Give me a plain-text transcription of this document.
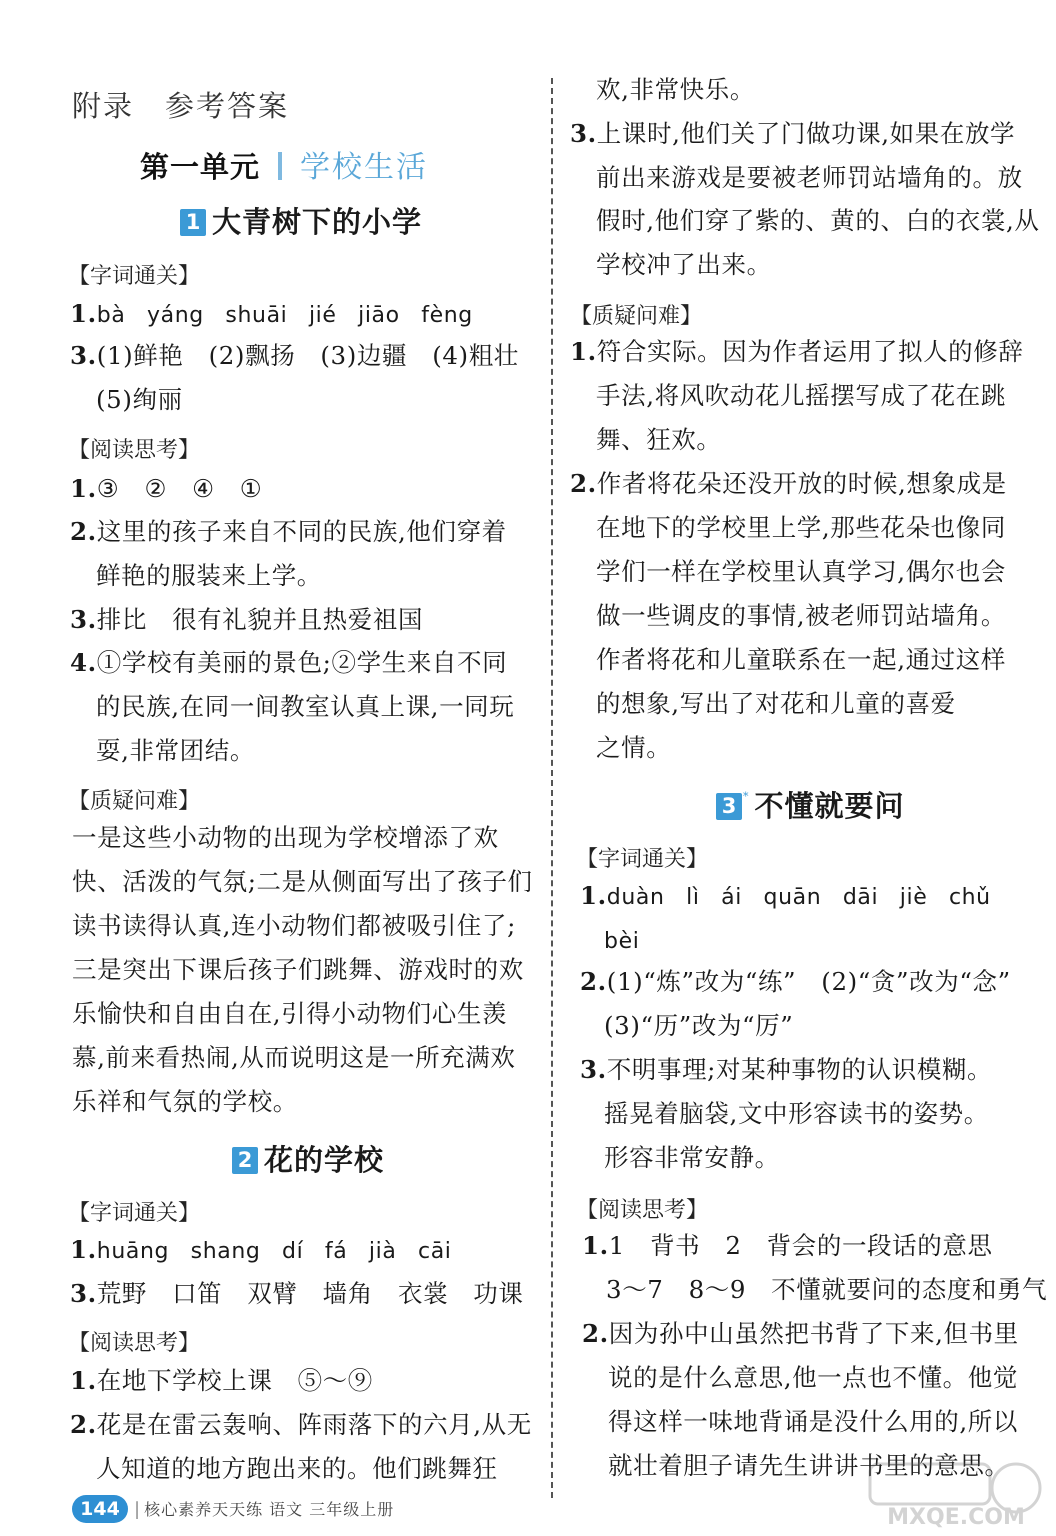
附录　参考答案
第一单元 学校生活
1 大青树下的小学
【字词通关】
1.bà yáng shuāi jié jiāo fèng
3.(1)鲜艳　(2)飘扬　(3)边疆　(4)粗壮
(5)绚丽
【阅读思考】
1.③　②　④　①
2.这里的孩子来自不同的民族,他们穿着
鲜艳的服装来上学。
3.排比　很有礼貌并且热爱祖国
4.①学校有美丽的景色;②学生来自不同
的民族,在同一间教室认真上课,一同玩
耍,非常团结。
【质疑问难】
一是这些小动物的出现为学校增添了欢
快、活泼的气氛;二是从侧面写出了孩子们
读书读得认真,连小动物们都被吸引住了;
三是突出下课后孩子们跳舞、游戏时的欢
乐愉快和自由自在,引得小动物们心生羡
慕,前来看热闹,从而说明这是一所充满欢
乐祥和气氛的学校。
2 花的学校
【字词通关】
1.huāng shang dí fá jià cāi
3.荒野　口笛　双臂　墙角　衣裳　功课
【阅读思考】
1.在地下学校上课　⑤～⑨
2.花是在雷云轰响、阵雨落下的六月,从无
人知道的地方跑出来的。他们跳舞狂
欢,非常快乐。
3.上课时,他们关了门做功课,如果在放学
前出来游戏是要被老师罚站墙角的。放
假时,他们穿了紫的、黄的、白的衣裳,从
学校冲了出来。
【质疑问难】
1.符合实际。因为作者运用了拟人的修辞
手法,将风吹动花儿摇摆写成了花在跳
舞、狂欢。
2.作者将花朵还没开放的时候,想象成是
在地下的学校里上学,那些花朵也像同
学们一样在学校里认真学习,偶尔也会
做一些调皮的事情,被老师罚站墙角。
作者将花和儿童联系在一起,通过这样
的想象,写出了对花和儿童的喜爱
之情。
3 * 不懂就要问
【字词通关】
1.duàn lì ái quān dāi jiè chǔ
bèi
2.(1)“炼”改为“练”　(2)“贪”改为“念”
(3)“历”改为“厉”
3.不明事理;对某种事物的认识模糊。
摇晃着脑袋,文中形容读书的姿势。
形容非常安静。
【阅读思考】
1.1　背书　2　背会的一段话的意思
3～7　8～9　不懂就要问的态度和勇气
2.因为孙中山虽然把书背了下来,但书里
说的是什么意思,他一点也不懂。他觉
得这样一味地背诵是没什么用的,所以
就壮着胆子请先生讲讲书里的意思。
144 | 核心素养天天练 语文 三年级上册	MXQE.COM
